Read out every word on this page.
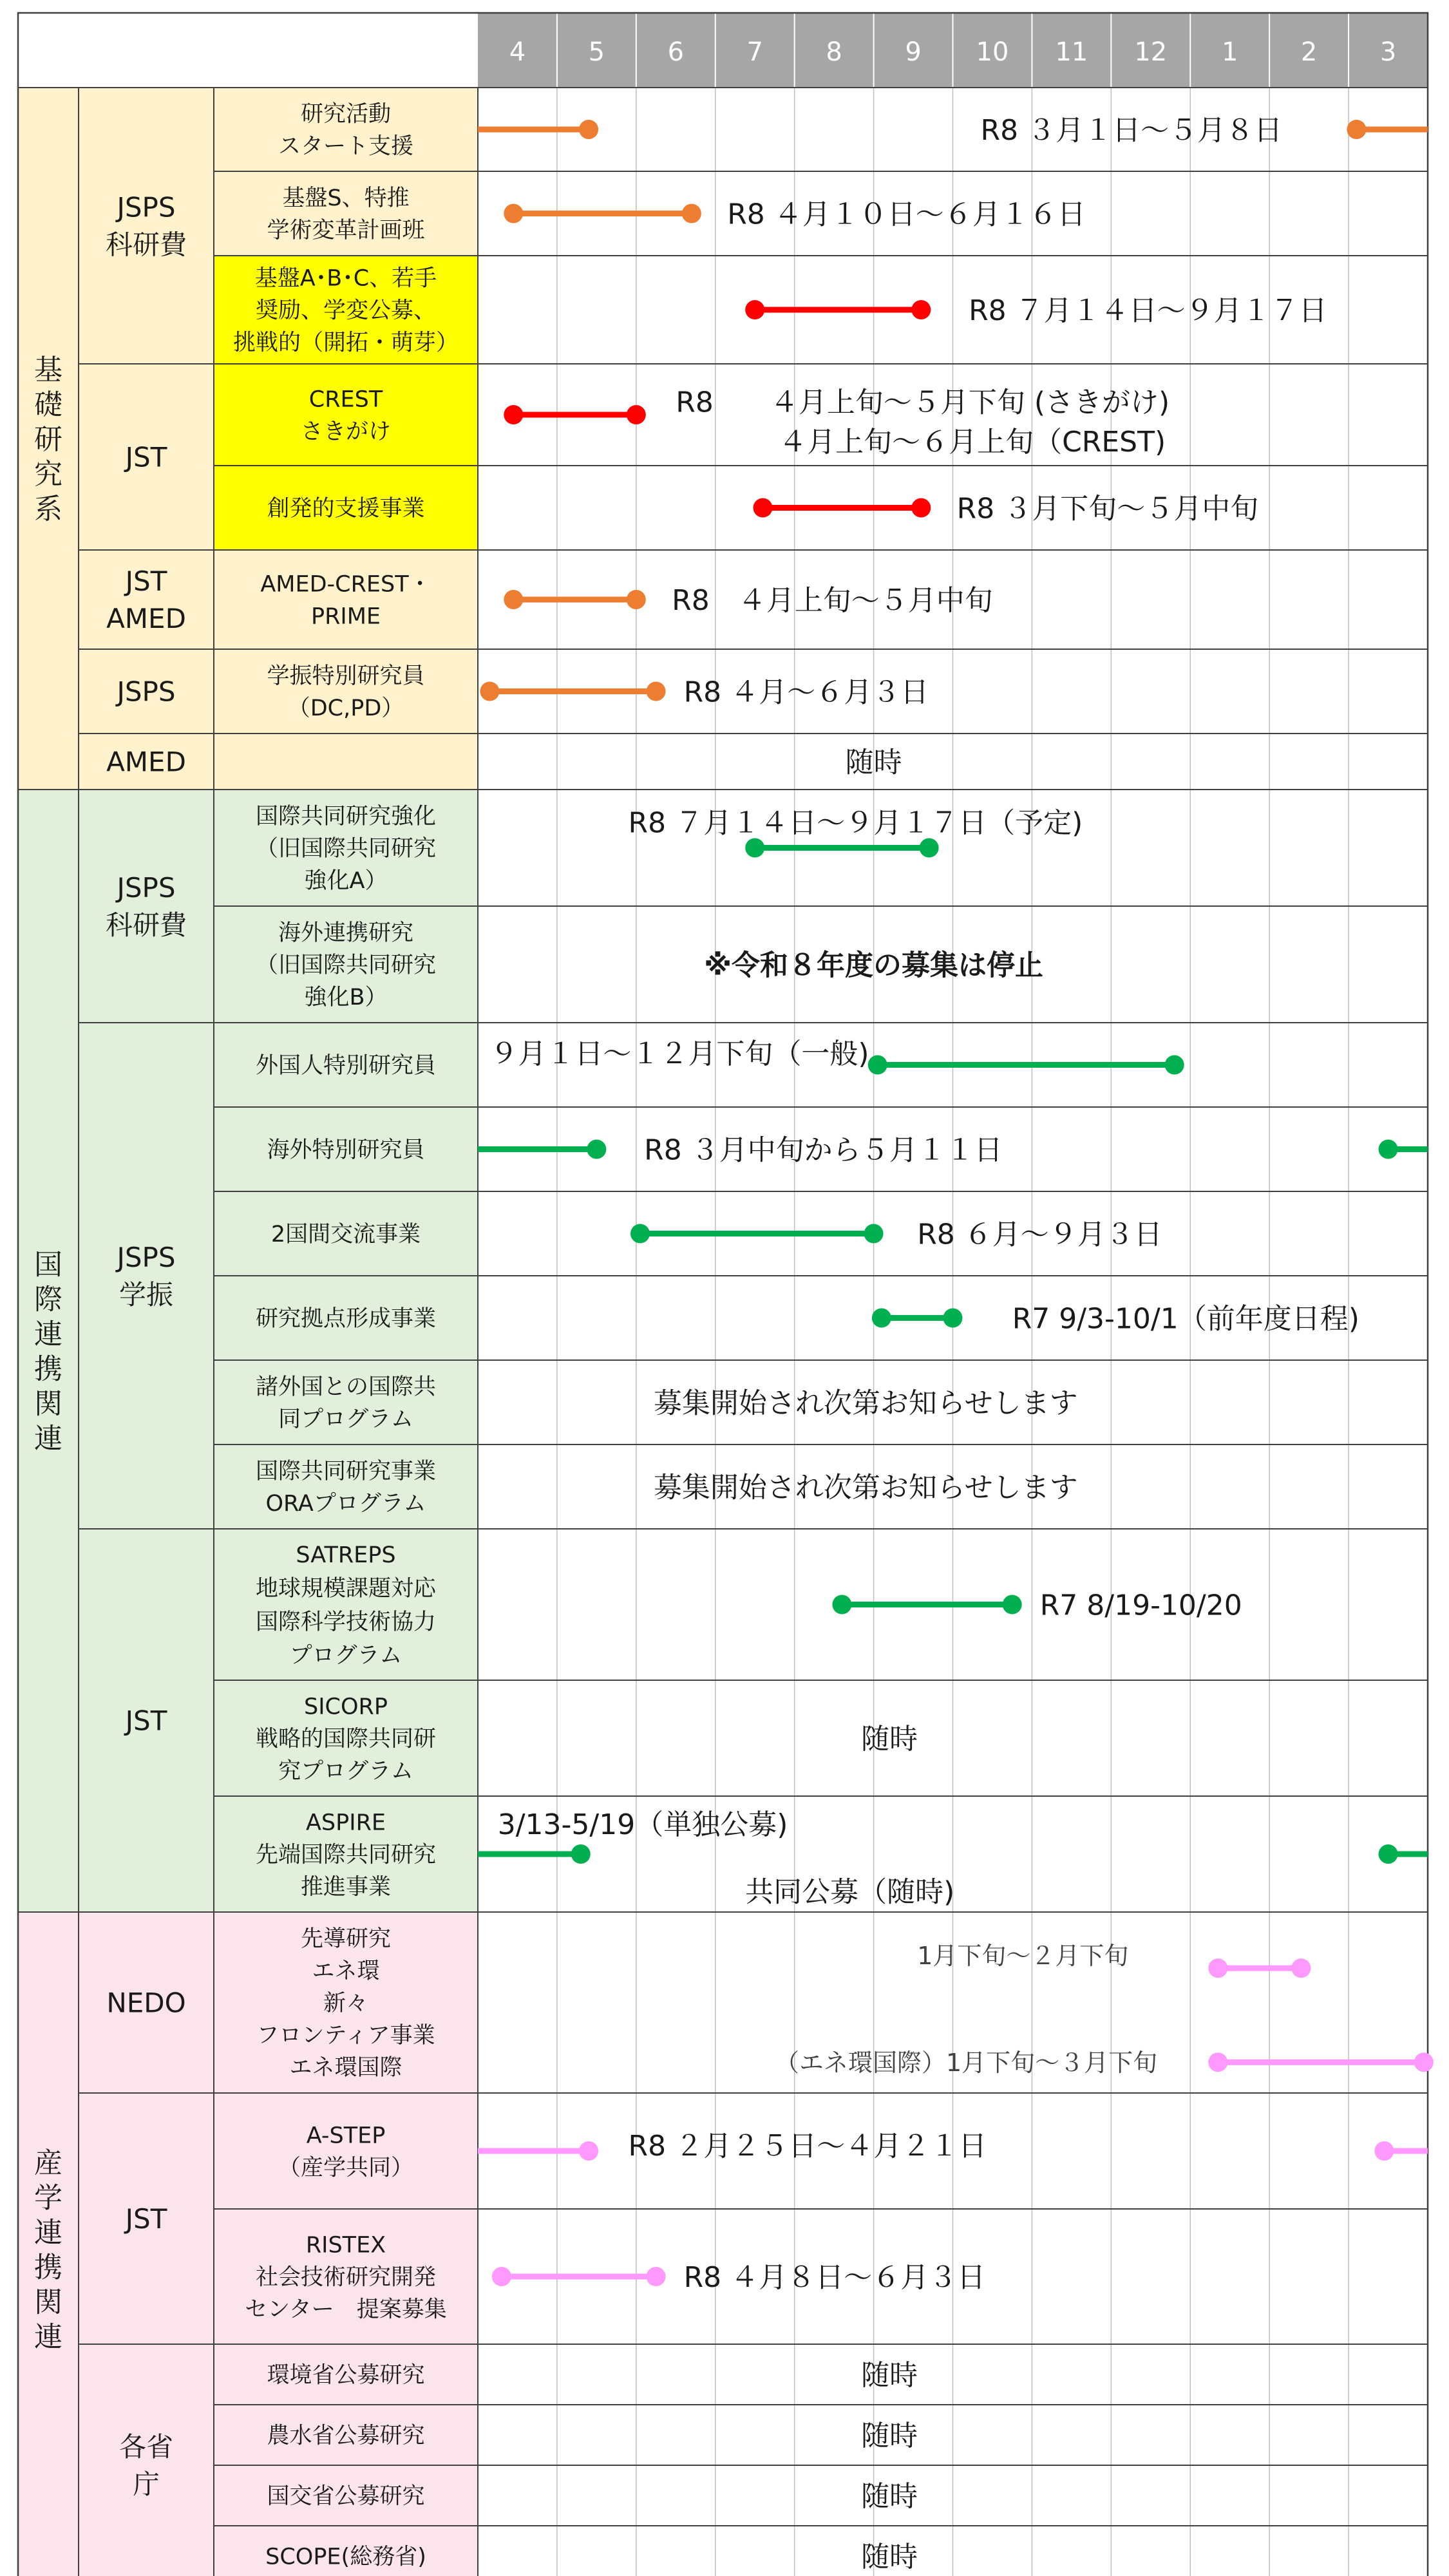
4 5 6 7 8 9 10 11 12 1 2 3
基礎研究系
国際連携関連
産学連携関連
JSPS 科研費
JST
JST AMED
JSPS
AMED
JSPS 科研費
JSPS 学振
JST
NEDO
JST
各省庁
研究活動スタート支援
基盤S、特推学術変革計画班
基盤A･B･C、若手奨励、学変公募、挑戦的（開拓・萌芽）
CREST さきがけ
創発的支援事業
AMED-CREST・ PRIME
学振特別研究員（DC,PD）
国際共同研究強化（旧国際共同研究強化A）
海外連携研究（旧国際共同研究強化B）
外国人特別研究員
海外特別研究員
2国間交流事業
研究拠点形成事業
諸外国との国際共同プログラム
国際共同研究事業 ORAプログラム
SATREPS 地球規模課題対応国際科学技術協力プログラム
SICORP 戦略的国際共同研究プログラム
ASPIRE 先端国際共同研究推進事業
先導研究エネ環新々フロンティア事業エネ環国際
A-STEP （産学共同）
RISTEX 社会技術研究開発センター　提案募集
環境省公募研究
農水省公募研究
国交省公募研究
SCOPE(総務省)
R8 ３月１日～５月８日
R8 ４月１０日～６月１６日
R8 ７月１４日～９月１７日
R8　　４月上旬～５月下旬 (さきがけ)
４月上旬～６月上旬（CREST)
R8 ３月下旬～５月中旬
R8　４月上旬～５月中旬
R8 ４月～６月３日
随時
R8 ７月１４日～９月１７日（予定)
※令和８年度の募集は停止
９月１日～１２月下旬（一般)
R8 ３月中旬から５月１１日
R8 ６月～９月３日
R7 9/3-10/1（前年度日程)
募集開始され次第お知らせします
募集開始され次第お知らせします
R7 8/19-10/20
随時
3/13-5/19（単独公募)
共同公募（随時)
1月下旬～２月下旬
（エネ環国際）1月下旬～３月下旬
R8 ２月２５日～４月２１日
R8 ４月８日～６月３日
随時
随時
随時
随時
